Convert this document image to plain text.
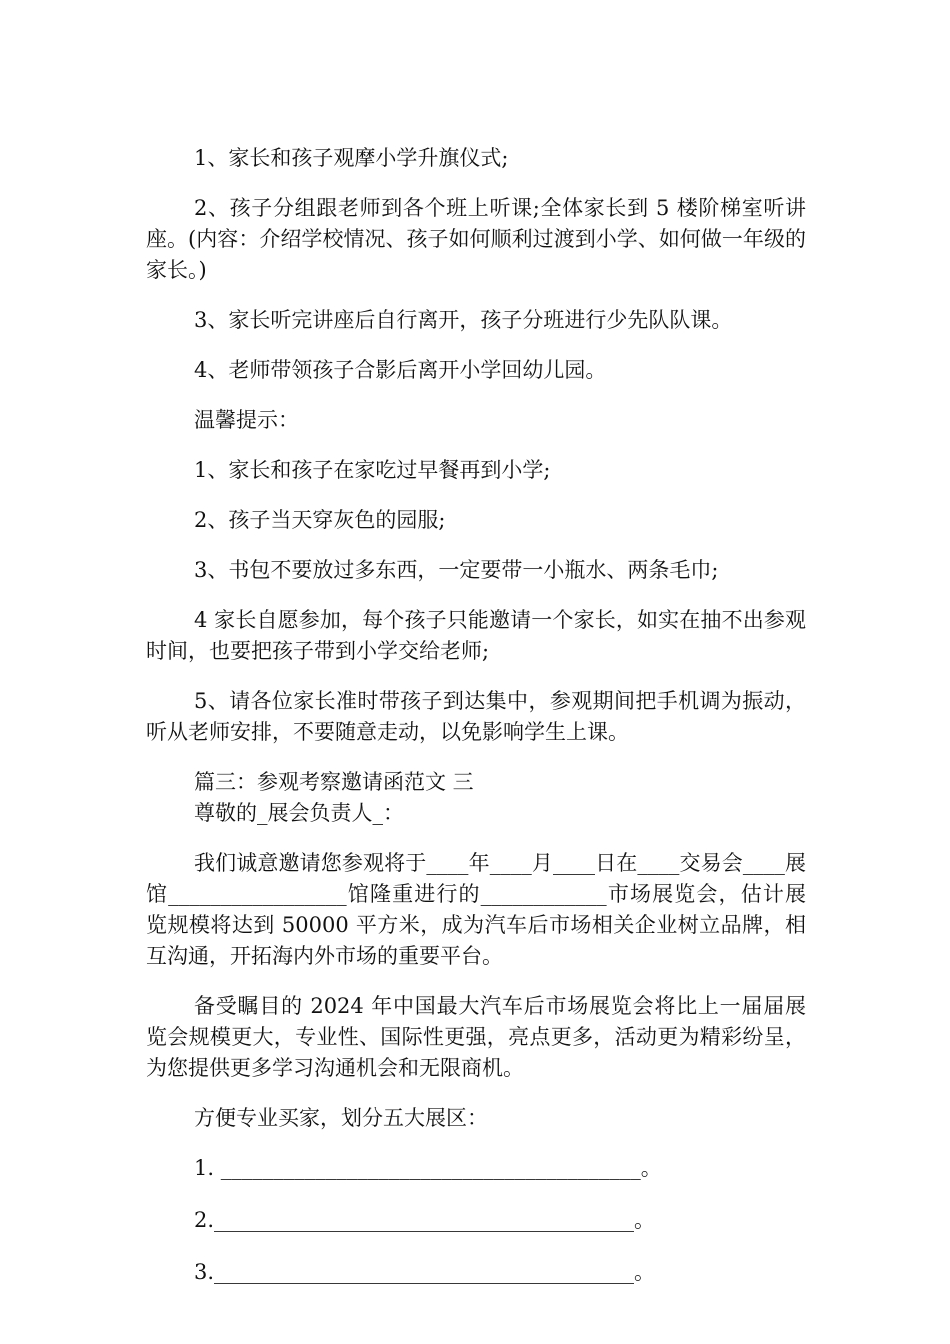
1、家长和孩子观摩小学升旗仪式;

2、孩子分组跟老师到各个班上听课;全体家长到 5 楼阶梯室听讲座。(内容：介绍学校情况、孩子如何顺利过渡到小学、如何做一年级的家长。)

3、家长听完讲座后自行离开，孩子分班进行少先队队课。

4、老师带领孩子合影后离开小学回幼儿园。

温馨提示：

1、家长和孩子在家吃过早餐再到小学;

2、孩子当天穿灰色的园服;

3、书包不要放过多东西，一定要带一小瓶水、两条毛巾;

4 家长自愿参加，每个孩子只能邀请一个家长，如实在抽不出参观时间，也要把孩子带到小学交给老师;

5、请各位家长准时带孩子到达集中，参观期间把手机调为振动，听从老师安排，不要随意走动，以免影响学生上课。

篇三：参观考察邀请函范文 三

尊敬的_展会负责人_：

我们诚意邀请您参观将于____年____月____日在____交易会____展馆_________________馆隆重进行的____________市场展览会，估计展览规模将达到 50000 平方米，成为汽车后市场相关企业树立品牌，相互沟通，开拓海内外市场的重要平台。

备受瞩目的 2024 年中国最大汽车后市场展览会将比上一届届展览会规模更大，专业性、国际性更强，亮点更多，活动更为精彩纷呈，为您提供更多学习沟通机会和无限商机。

方便专业买家，划分五大展区：

1. ________________________________________。

2.________________________________________。

3.________________________________________。
